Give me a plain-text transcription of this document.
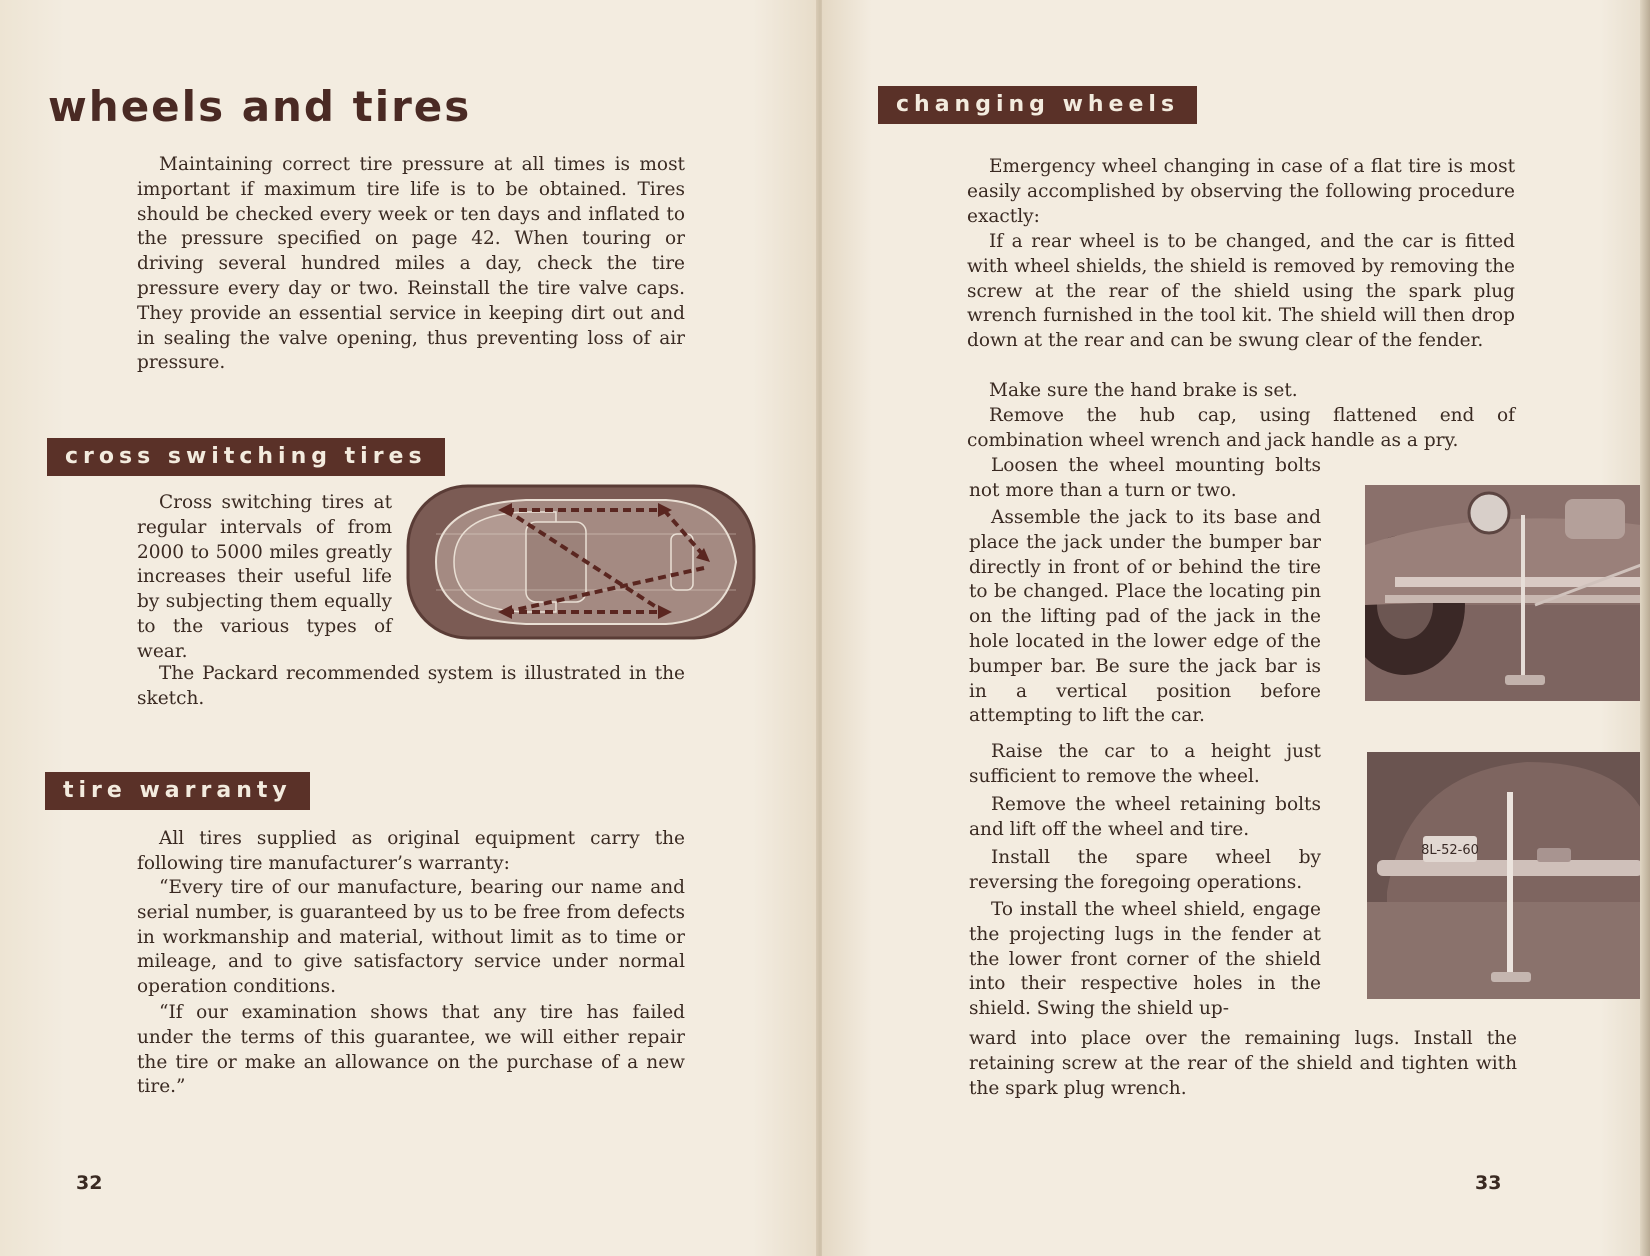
wheels and tires

Maintaining correct tire pressure at all times is most important if maximum tire life is to be obtained. Tires should be checked every week or ten days and inflated to the pressure specified on page 42. When touring or driving several hundred miles a day, check the tire pressure every day or two. Reinstall the tire valve caps. They provide an essential service in keeping dirt out and in sealing the valve opening, thus preventing loss of air pressure.

cross switching tires

Cross switching tires at regular intervals of from 2000 to 5000 miles greatly increases their useful life by subjecting them equally to the various types of wear.

The Packard recommended system is illustrated in the sketch.

tire warranty

All tires supplied as original equipment carry the following tire manufacturer’s warranty:

“Every tire of our manufacture, bearing our name and serial number, is guaranteed by us to be free from defects in workmanship and material, without limit as to time or mileage, and to give satisfactory service under normal operation conditions.

“If our examination shows that any tire has failed under the terms of this guarantee, we will either repair the tire or make an allowance on the purchase of a new tire.”

32
changing wheels

Emergency wheel changing in case of a flat tire is most easily accomplished by observing the following procedure exactly:

If a rear wheel is to be changed, and the car is fitted with wheel shields, the shield is removed by removing the screw at the rear of the shield using the spark plug wrench furnished in the tool kit. The shield will then drop down at the rear and can be swung clear of the fender.

Make sure the hand brake is set.

Remove the hub cap, using flattened end of combination wheel wrench and jack handle as a pry.

Loosen the wheel mounting bolts not more than a turn or two.

Assemble the jack to its base and place the jack under the bumper bar directly in front of or behind the tire to be changed. Place the locating pin on the lifting pad of the jack in the hole located in the lower edge of the bumper bar. Be sure the jack bar is in a vertical position before attempting to lift the car.

Raise the car to a height just sufficient to remove the wheel.

Remove the wheel retaining bolts and lift off the wheel and tire.

Install the spare wheel by reversing the foregoing operations.

To install the wheel shield, engage the projecting lugs in the fender at the lower front corner of the shield into their respective holes in the shield. Swing the shield up-

ward into place over the remaining lugs. Install the retaining screw at the rear of the shield and tighten with the spark plug wrench.

8L-52-60
33
